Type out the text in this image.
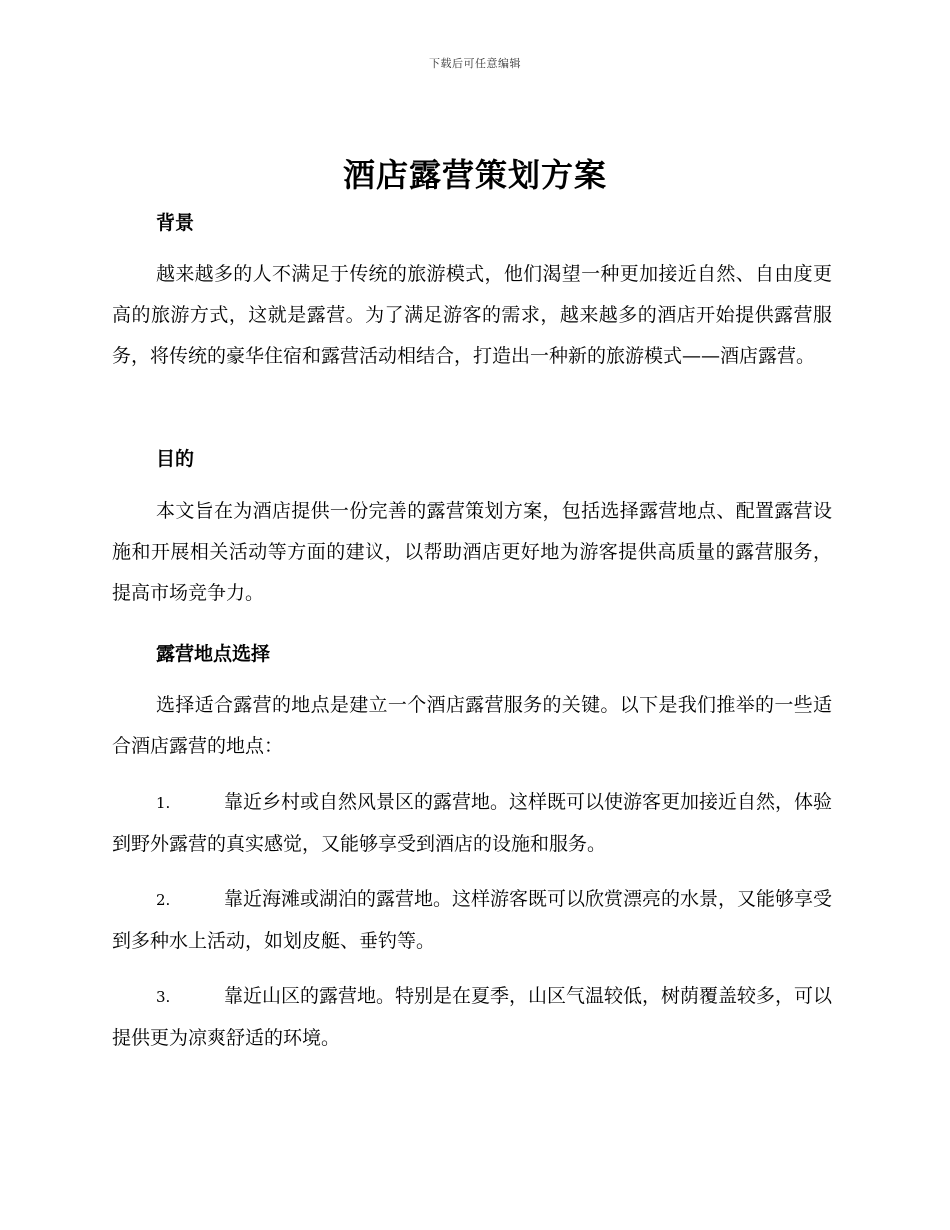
下载后可任意编辑
酒店露营策划方案
背景

越来越多的人不满足于传统的旅游模式，他们渴望一种更加接近自然、自由度更高的旅游方式，这就是露营。为了满足游客的需求，越来越多的酒店开始提供露营服务，将传统的豪华住宿和露营活动相结合，打造出一种新的旅游模式——酒店露营。

目的

本文旨在为酒店提供一份完善的露营策划方案，包括选择露营地点、配置露营设施和开展相关活动等方面的建议，以帮助酒店更好地为游客提供高质量的露营服务，提高市场竞争力。

露营地点选择

选择适合露营的地点是建立一个酒店露营服务的关键。以下是我们推举的一些适合酒店露营的地点：

1.	靠近乡村或自然风景区的露营地。这样既可以使游客更加接近自然，体验到野外露营的真实感觉，又能够享受到酒店的设施和服务。

2.	靠近海滩或湖泊的露营地。这样游客既可以欣赏漂亮的水景，又能够享受到多种水上活动，如划皮艇、垂钓等。

3.	靠近山区的露营地。特别是在夏季，山区气温较低，树荫覆盖较多，可以提供更为凉爽舒适的环境。
